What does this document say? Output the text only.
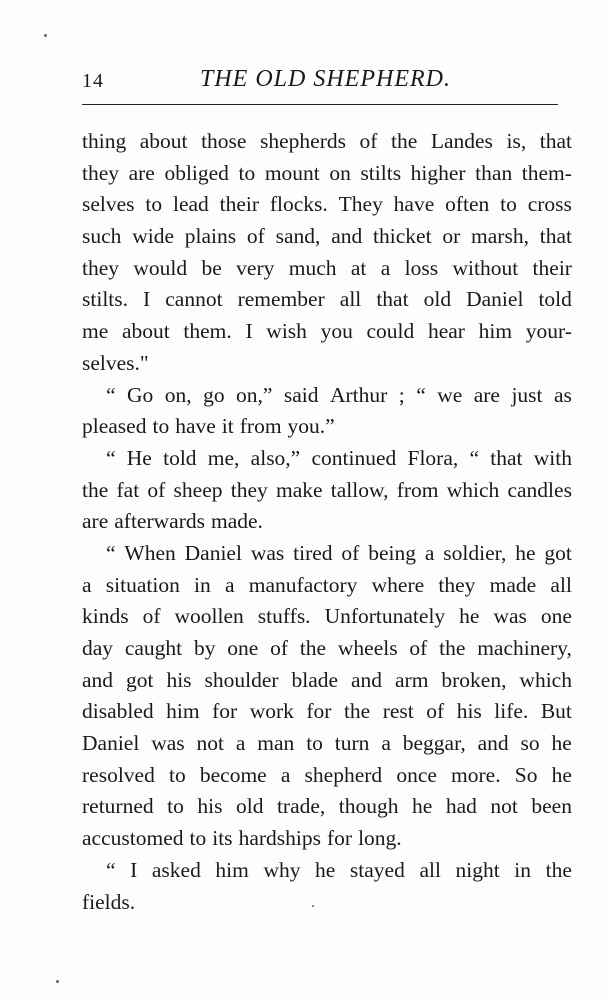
14	THE OLD SHEPHERD.
thing about those shepherds of the Landes is, that
they are obliged to mount on stilts higher than them-
selves to lead their flocks. They have often to cross
such wide plains of sand, and thicket or marsh, that
they would be very much at a loss without their
stilts. I cannot remember all that old Daniel told
me about them. I wish you could hear him your-
selves."
“ Go on, go on,” said Arthur ; “ we are just as
pleased to have it from you.”
“ He told me, also,” continued Flora, “ that with
the fat of sheep they make tallow, from which candles
are afterwards made.
“ When Daniel was tired of being a soldier, he got
a situation in a manufactory where they made all
kinds of woollen stuffs. Unfortunately he was one
day caught by one of the wheels of the machinery,
and got his shoulder blade and arm broken, which
disabled him for work for the rest of his life. But
Daniel was not a man to turn a beggar, and so he
resolved to become a shepherd once more. So he
returned to his old trade, though he had not been
accustomed to its hardships for long.
“ I asked him why he stayed all night in the
fields.
